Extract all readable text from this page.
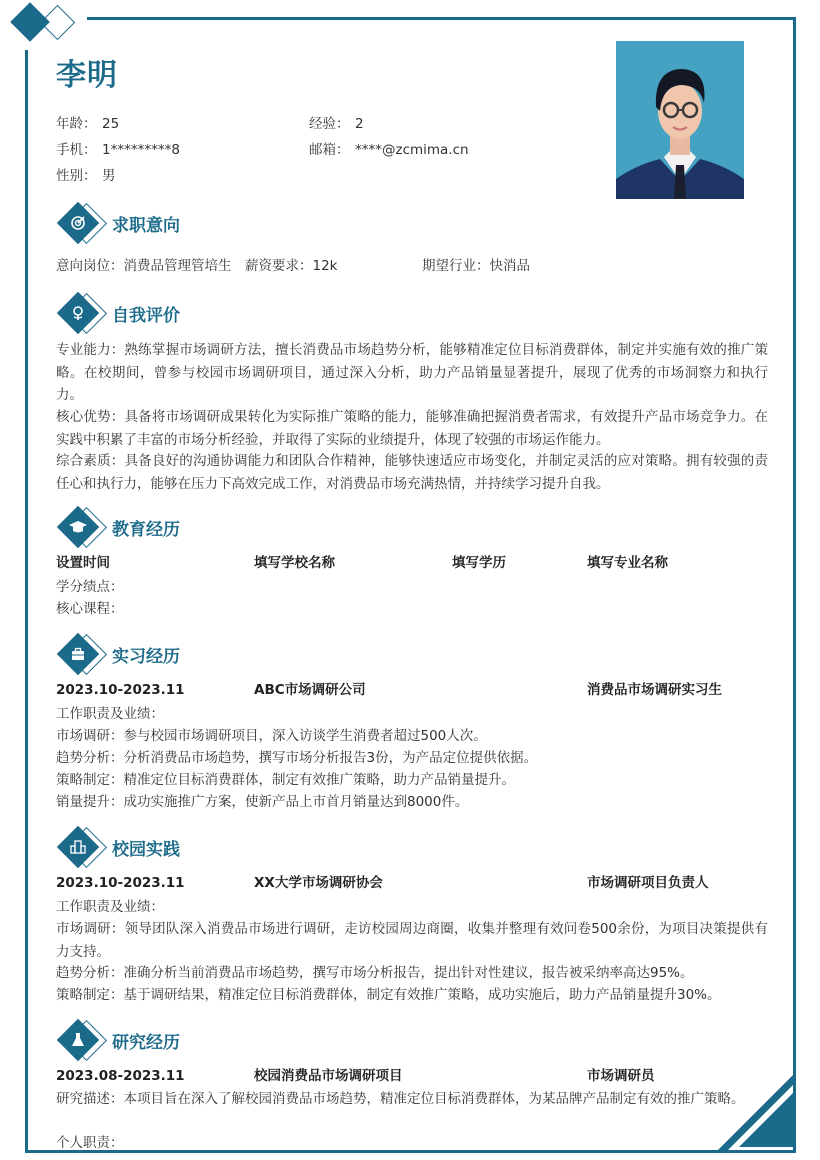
李明
年龄： 25	经验： 2
手机： 1*********8	邮箱： ****@zcmima.cn
性别： 男
求职意向
意向岗位：消费品管理管培生 薪资要求：12k	期望行业：快消品
自我评价
专业能力：熟练掌握市场调研方法，擅长消费品市场趋势分析，能够精准定位目标消费群体，制定并实施有效的推广策略。在校期间，曾参与校园市场调研项目，通过深入分析，助力产品销量显著提升，展现了优秀的市场洞察力和执行力。
核心优势：具备将市场调研成果转化为实际推广策略的能力，能够准确把握消费者需求，有效提升产品市场竞争力。在实践中积累了丰富的市场分析经验，并取得了实际的业绩提升，体现了较强的市场运作能力。
综合素质：具备良好的沟通协调能力和团队合作精神，能够快速适应市场变化，并制定灵活的应对策略。拥有较强的责任心和执行力，能够在压力下高效完成工作，对消费品市场充满热情，并持续学习提升自我。
教育经历
设置时间	填写学校名称	填写学历	填写专业名称
学分绩点：
核心课程：
实习经历
2023.10-2023.11	ABC市场调研公司	消费品市场调研实习生
工作职责及业绩：
市场调研：参与校园市场调研项目，深入访谈学生消费者超过500人次。
趋势分析：分析消费品市场趋势，撰写市场分析报告3份，为产品定位提供依据。
策略制定：精准定位目标消费群体，制定有效推广策略，助力产品销量提升。
销量提升：成功实施推广方案，使新产品上市首月销量达到8000件。
校园实践
2023.10-2023.11	XX大学市场调研协会	市场调研项目负责人
工作职责及业绩：
市场调研：领导团队深入消费品市场进行调研，走访校园周边商圈，收集并整理有效问卷500余份，为项目决策提供有力支持。
趋势分析：准确分析当前消费品市场趋势，撰写市场分析报告，提出针对性建议，报告被采纳率高达95%。
策略制定：基于调研结果，精准定位目标消费群体，制定有效推广策略，成功实施后，助力产品销量提升30%。
研究经历
2023.08-2023.11	校园消费品市场调研项目	市场调研员
研究描述：本项目旨在深入了解校园消费品市场趋势，精准定位目标消费群体，为某品牌产品制定有效的推广策略。
个人职责：
